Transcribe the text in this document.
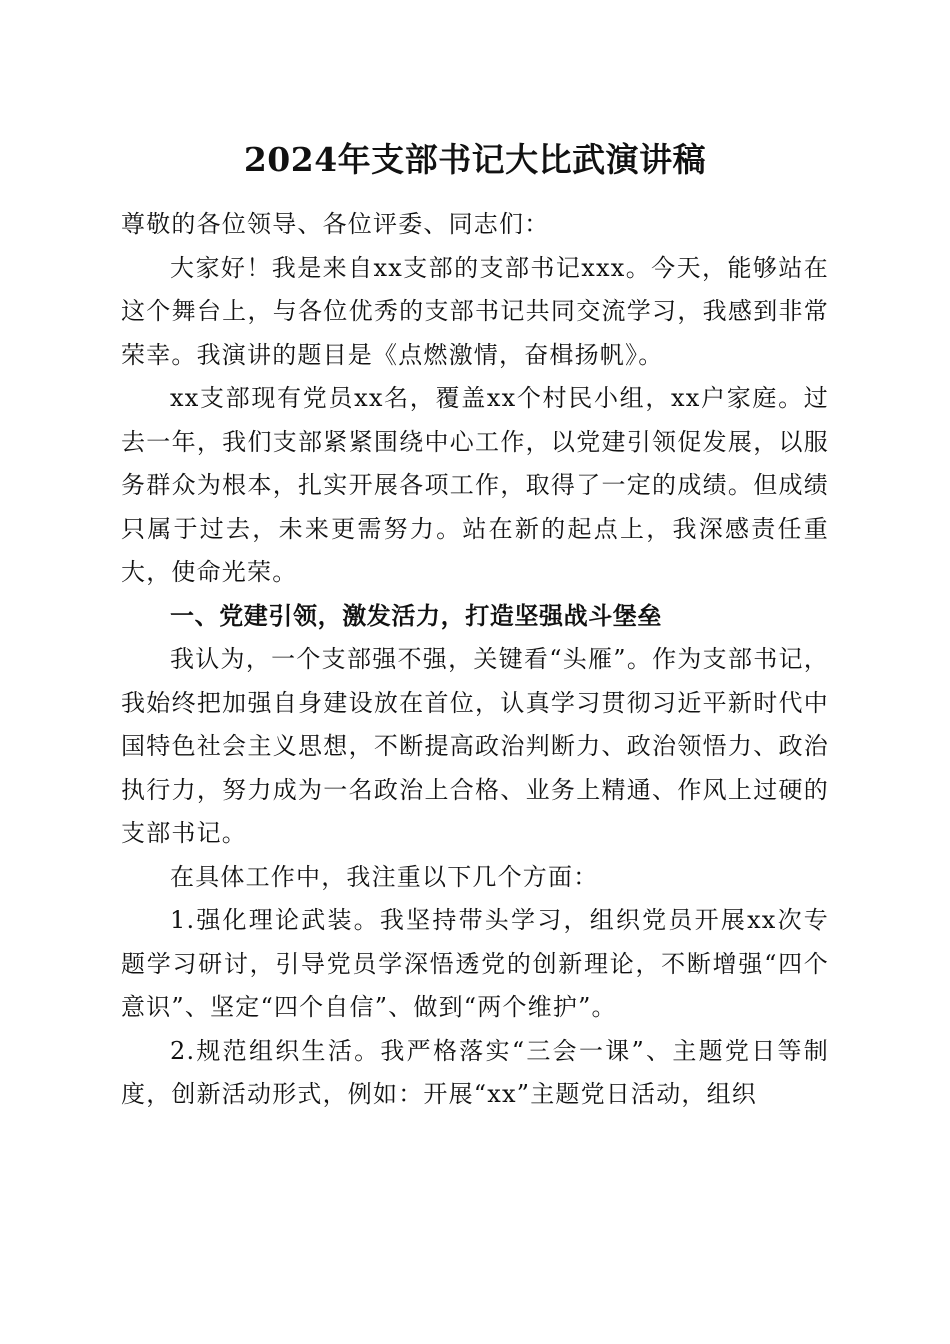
2024年支部书记大比武演讲稿

尊敬的各位领导、各位评委、同志们：

大家好！我是来自xx支部的支部书记xxx。今天，能够站在这个舞台上，与各位优秀的支部书记共同交流学习，我感到非常荣幸。我演讲的题目是《点燃激情，奋楫扬帆》。

xx支部现有党员xx名，覆盖xx个村民小组，xx户家庭。过去一年，我们支部紧紧围绕中心工作，以党建引领促发展，以服务群众为根本，扎实开展各项工作，取得了一定的成绩。但成绩只属于过去，未来更需努力。站在新的起点上，我深感责任重大，使命光荣。

一、党建引领，激发活力，打造坚强战斗堡垒

我认为，一个支部强不强，关键看“头雁”。作为支部书记，我始终把加强自身建设放在首位，认真学习贯彻习近平新时代中国特色社会主义思想，不断提高政治判断力、政治领悟力、政治执行力，努力成为一名政治上合格、业务上精通、作风上过硬的支部书记。

在具体工作中，我注重以下几个方面：

1.强化理论武装。我坚持带头学习，组织党员开展xx次专题学习研讨，引导党员学深悟透党的创新理论，不断增强“四个意识”、坚定“四个自信”、做到“两个维护”。

2.规范组织生活。我严格落实“三会一课”、主题党日等制度，创新活动形式，例如：开展“xx”主题党日活动，组织
